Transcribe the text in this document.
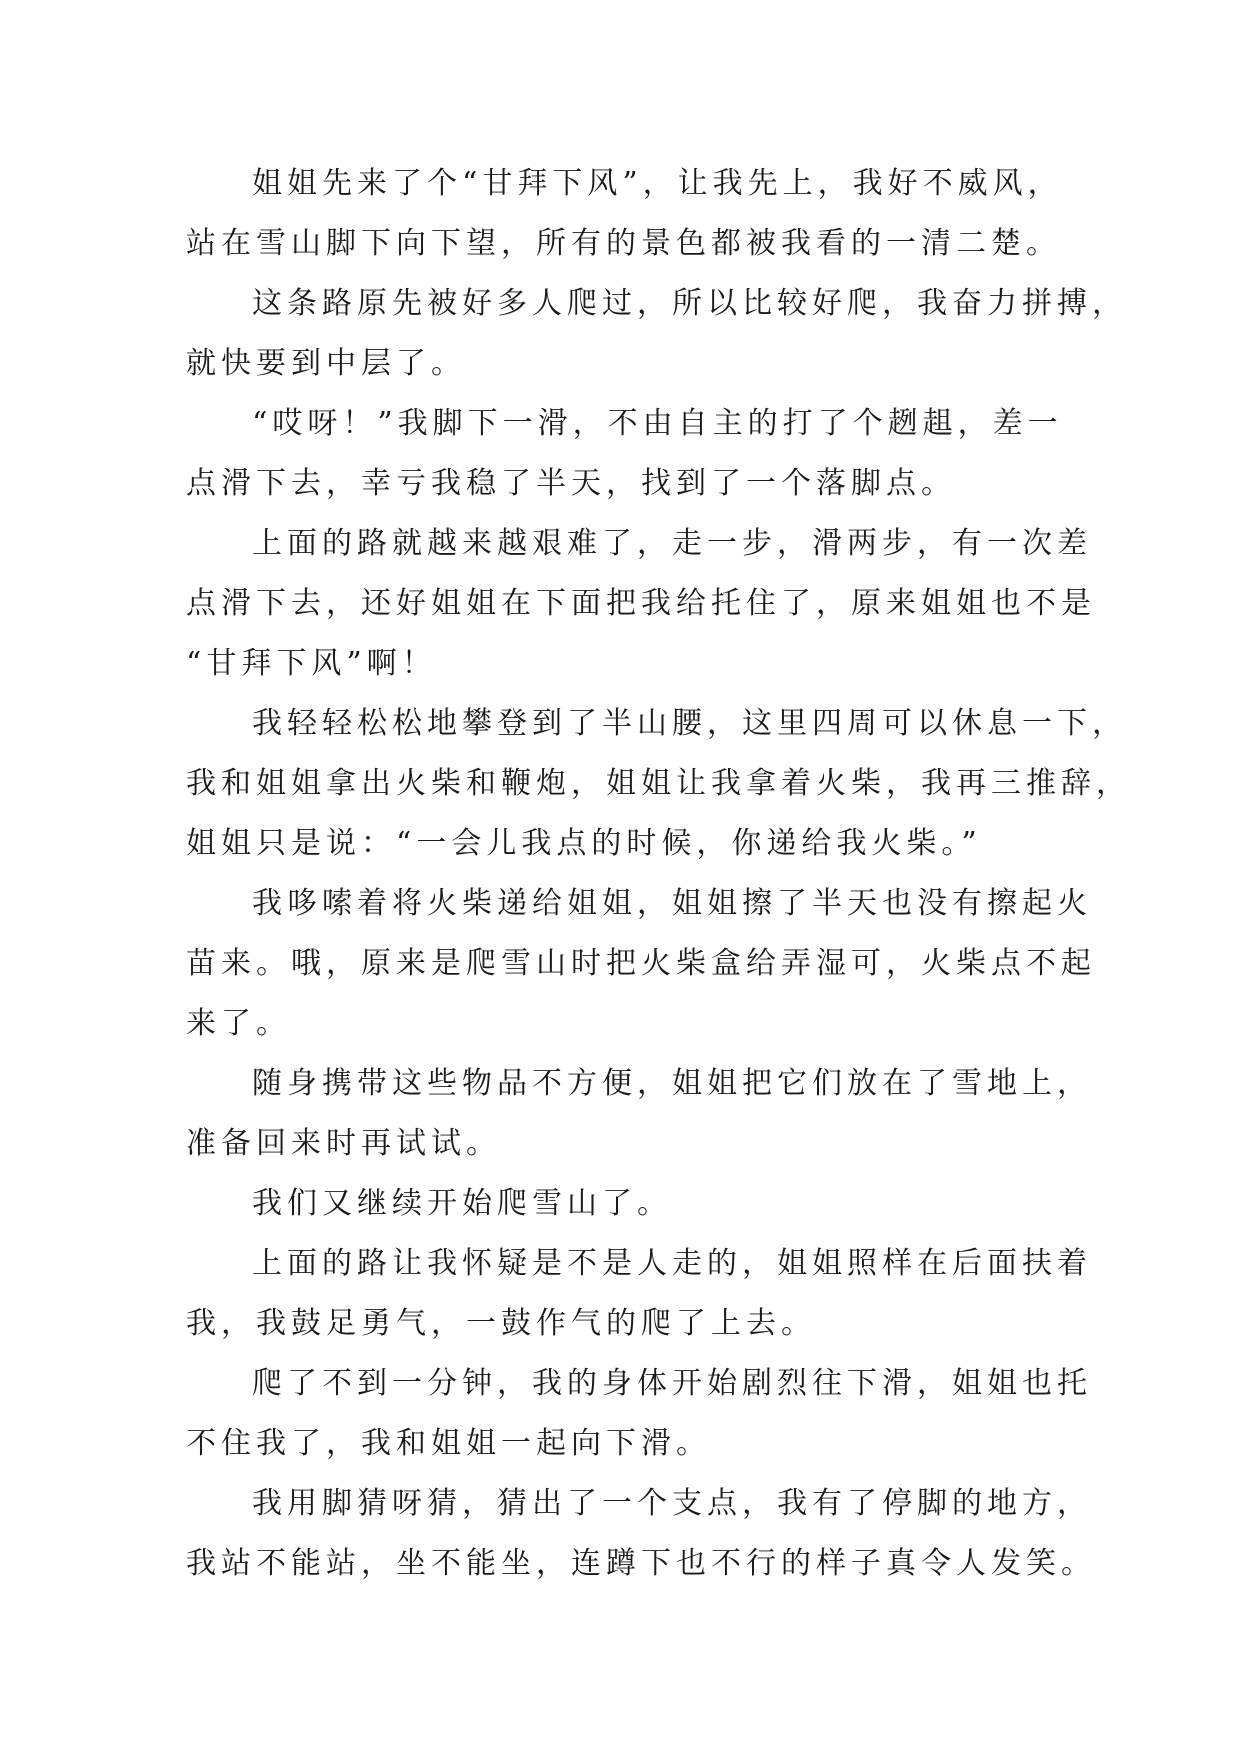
姐姐先来了个“甘拜下风”，让我先上，我好不威风，
站在雪山脚下向下望，所有的景色都被我看的一清二楚。
这条路原先被好多人爬过，所以比较好爬，我奋力拼搏，
就快要到中层了。
“哎呀！”我脚下一滑，不由自主的打了个趔趄，差一
点滑下去，幸亏我稳了半天，找到了一个落脚点。
上面的路就越来越艰难了，走一步，滑两步，有一次差
点滑下去，还好姐姐在下面把我给托住了，原来姐姐也不是
“甘拜下风”啊！
我轻轻松松地攀登到了半山腰，这里四周可以休息一下，
我和姐姐拿出火柴和鞭炮，姐姐让我拿着火柴，我再三推辞，
姐姐只是说：“一会儿我点的时候，你递给我火柴。”
我哆嗦着将火柴递给姐姐，姐姐擦了半天也没有擦起火
苗来。哦，原来是爬雪山时把火柴盒给弄湿可，火柴点不起
来了。
随身携带这些物品不方便，姐姐把它们放在了雪地上，
准备回来时再试试。
我们又继续开始爬雪山了。
上面的路让我怀疑是不是人走的，姐姐照样在后面扶着
我，我鼓足勇气，一鼓作气的爬了上去。
爬了不到一分钟，我的身体开始剧烈往下滑，姐姐也托
不住我了，我和姐姐一起向下滑。
我用脚猜呀猜，猜出了一个支点，我有了停脚的地方，
我站不能站，坐不能坐，连蹲下也不行的样子真令人发笑。
